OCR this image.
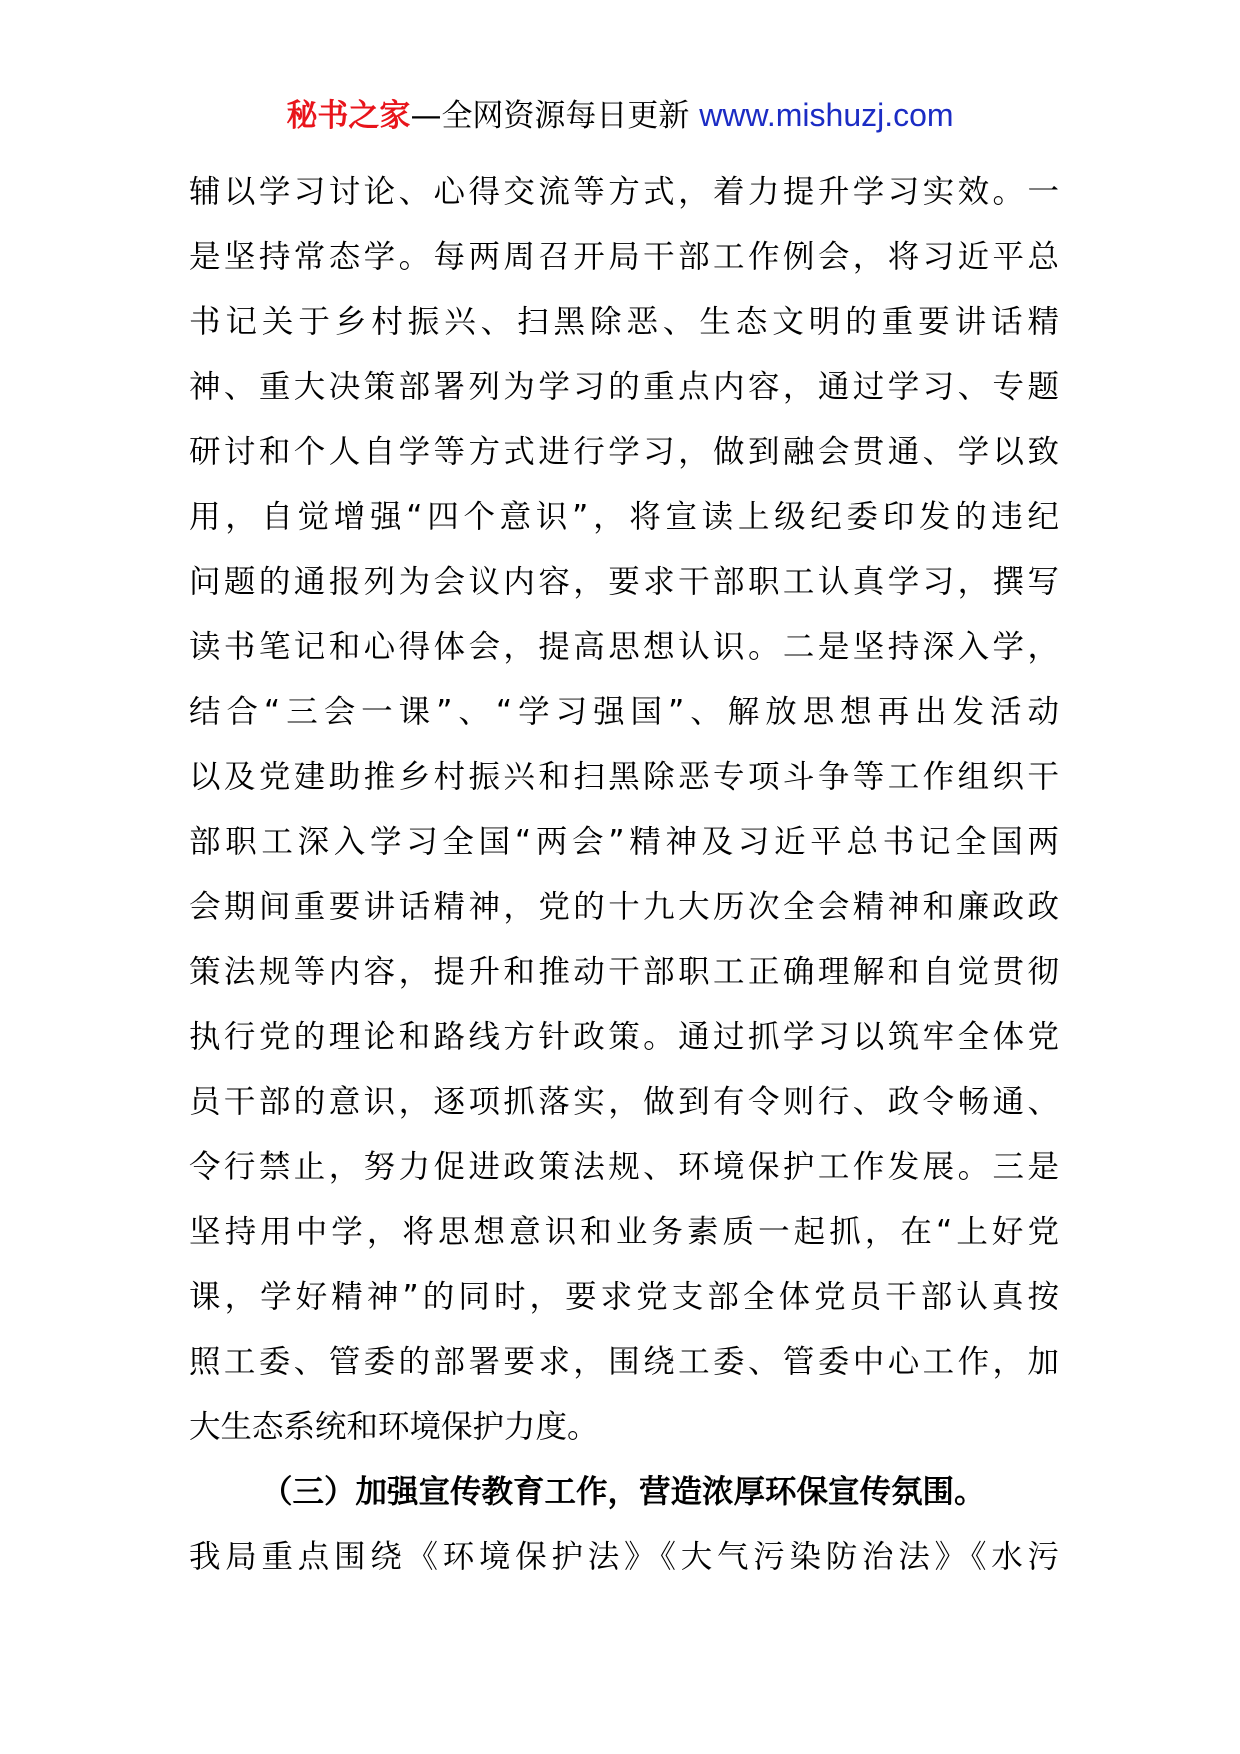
秘书之家—全网资源每日更新 www.mishuzj.com
辅以学习讨论、心得交流等方式，着力提升学习实效。一
是坚持常态学。每两周召开局干部工作例会，将习近平总
书记关于乡村振兴、扫黑除恶、生态文明的重要讲话精
神、重大决策部署列为学习的重点内容，通过学习、专题
研讨和个人自学等方式进行学习，做到融会贯通、学以致
用，自觉增强“四个意识”，将宣读上级纪委印发的违纪
问题的通报列为会议内容，要求干部职工认真学习，撰写
读书笔记和心得体会，提高思想认识。二是坚持深入学，
结合“三会一课”、“学习强国”、解放思想再出发活动
以及党建助推乡村振兴和扫黑除恶专项斗争等工作组织干
部职工深入学习全国“两会”精神及习近平总书记全国两
会期间重要讲话精神，党的十九大历次全会精神和廉政政
策法规等内容，提升和推动干部职工正确理解和自觉贯彻
执行党的理论和路线方针政策。通过抓学习以筑牢全体党
员干部的意识，逐项抓落实，做到有令则行、政令畅通、
令行禁止，努力促进政策法规、环境保护工作发展。三是
坚持用中学，将思想意识和业务素质一起抓，在“上好党
课，学好精神”的同时，要求党支部全体党员干部认真按
照工委、管委的部署要求，围绕工委、管委中心工作，加
大生态系统和环境保护力度。
（三）加强宣传教育工作，营造浓厚环保宣传氛围。
我局重点围绕《环境保护法》《大气污染防治法》《水污
